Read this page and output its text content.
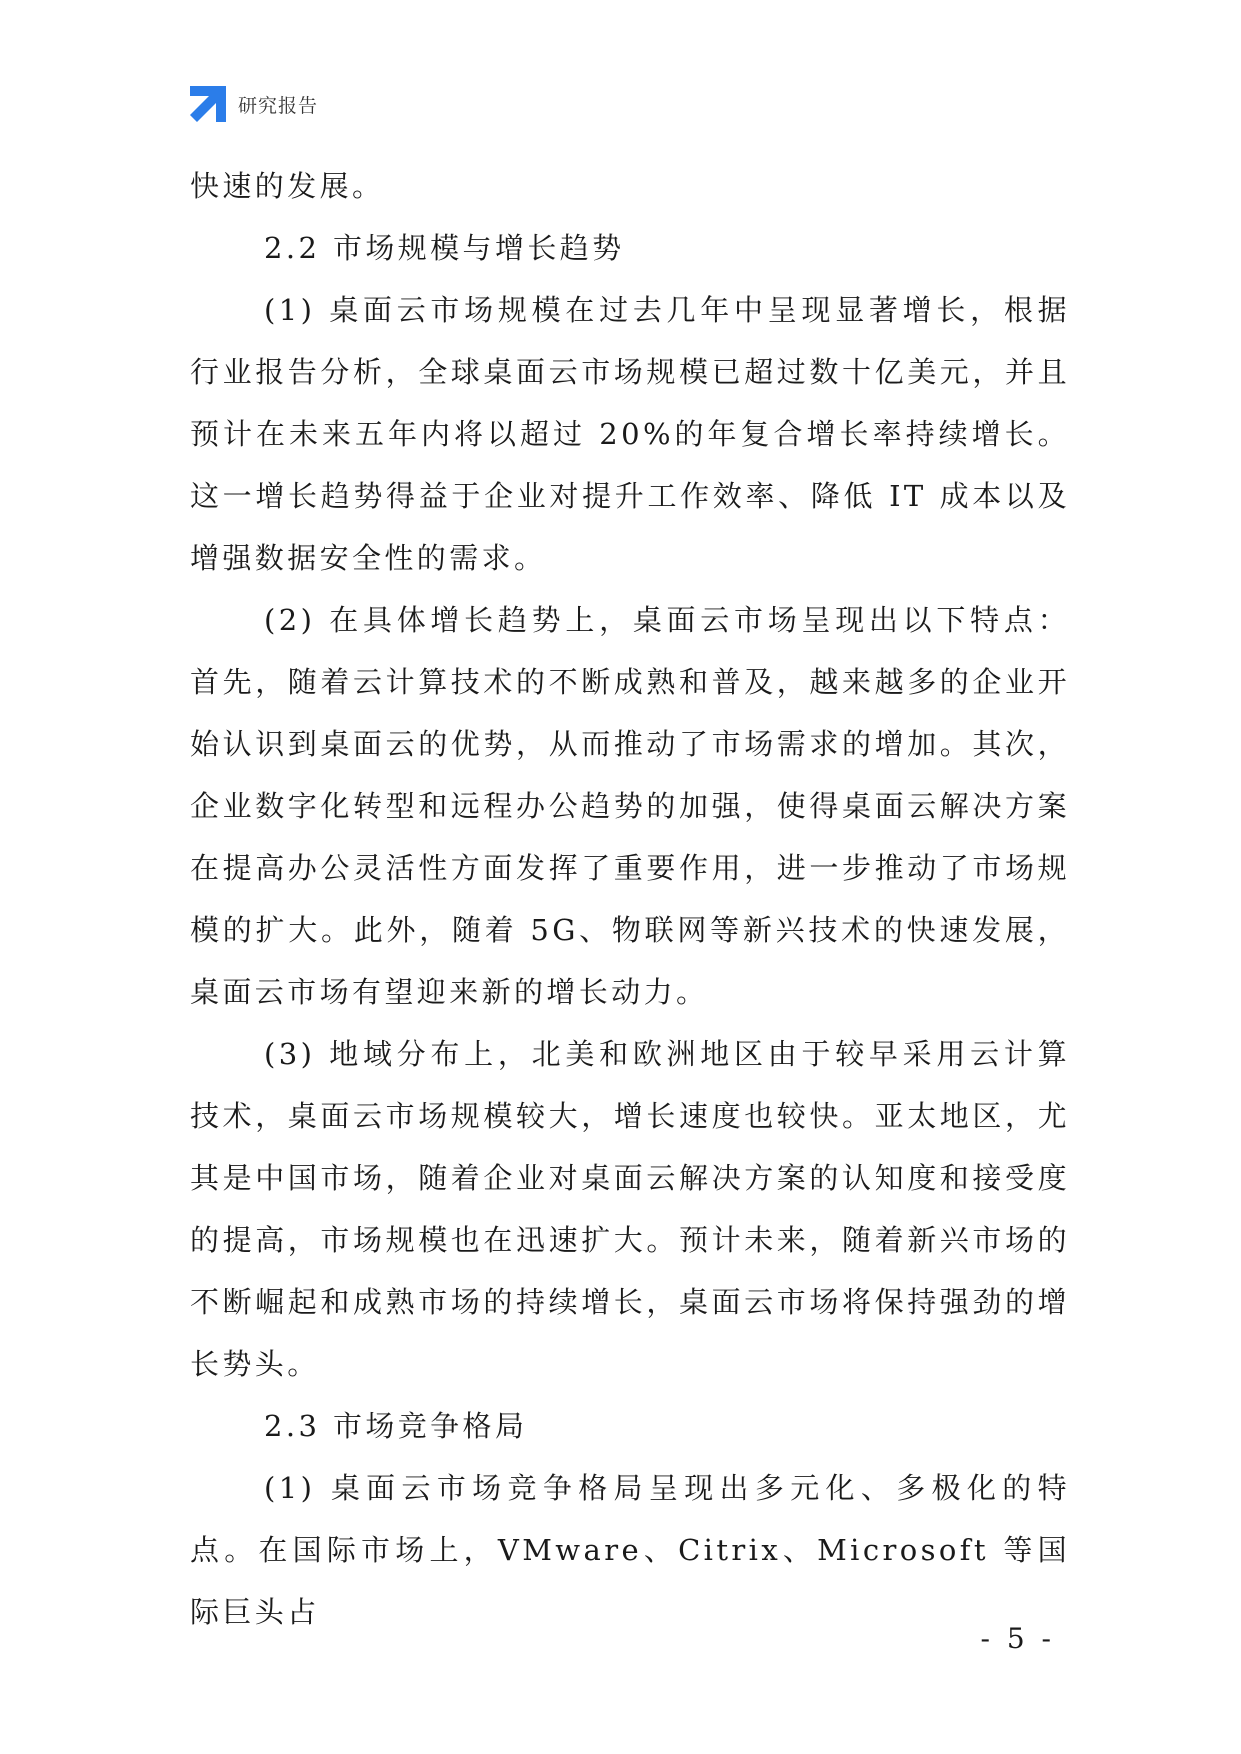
研究报告

快速的发展。

2.2 市场规模与增长趋势

(1) 桌面云市场规模在过去几年中呈现显著增长，根据行业报告分析，全球桌面云市场规模已超过数十亿美元，并且预计在未来五年内将以超过 20%的年复合增长率持续增长。这一增长趋势得益于企业对提升工作效率、降低 IT 成本以及增强数据安全性的需求。

(2) 在具体增长趋势上，桌面云市场呈现出以下特点：首先，随着云计算技术的不断成熟和普及，越来越多的企业开始认识到桌面云的优势，从而推动了市场需求的增加。其次，企业数字化转型和远程办公趋势的加强，使得桌面云解决方案在提高办公灵活性方面发挥了重要作用，进一步推动了市场规模的扩大。此外，随着 5G、物联网等新兴技术的快速发展，桌面云市场有望迎来新的增长动力。

(3) 地域分布上，北美和欧洲地区由于较早采用云计算技术，桌面云市场规模较大，增长速度也较快。亚太地区，尤其是中国市场，随着企业对桌面云解决方案的认知度和接受度的提高，市场规模也在迅速扩大。预计未来，随着新兴市场的不断崛起和成熟市场的持续增长，桌面云市场将保持强劲的增长势头。

2.3 市场竞争格局

(1) 桌面云市场竞争格局呈现出多元化、多极化的特点。在国际市场上，VMware、Citrix、Microsoft 等国际巨头占

- 5 -
